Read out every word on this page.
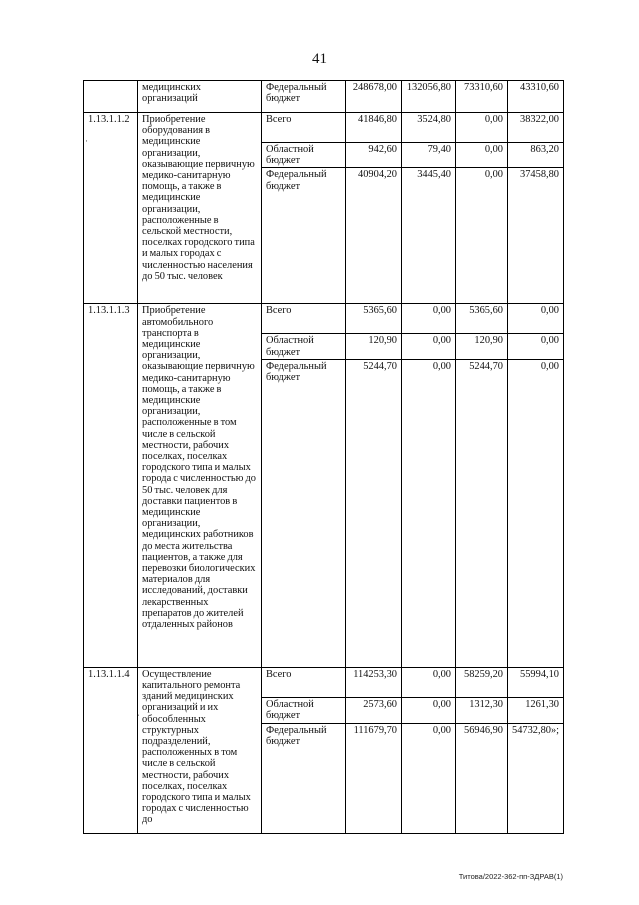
41
	медицинских организаций	Федеральный бюджет	248678,00	132056,80	73310,60	43310,60
1.13.1.1.2	Приобретение оборудования в медицинские организации, оказывающие первичную медико-санитарную помощь, а также в медицинские организации, расположенные в сельской местности, поселках городского типа и малых городах с численностью населения до 50 тыс. человек	Всего	41846,80	3524,80	0,00	38322,00
		Областной бюджет	942,60	79,40	0,00	863,20
		Федеральный бюджет	40904,20	3445,40	0,00	37458,80
1.13.1.1.3	Приобретение автомобильного транспорта в медицинские организации, оказывающие первичную медико-санитарную помощь, а также в медицинские организации, расположенные в том числе в сельской местности, рабочих поселках, поселках городского типа и малых города с численностью до 50 тыс. человек для доставки пациентов в медицинские организации, медицинских работников до места жительства пациентов, а также для перевозки биологических материалов для исследований, доставки лекарственных препаратов до жителей отдаленных районов	Всего	5365,60	0,00	5365,60	0,00
		Областной бюджет	120,90	0,00	120,90	0,00
		Федеральный бюджет	5244,70	0,00	5244,70	0,00
1.13.1.1.4	Осуществление капитального ремонта зданий медицинских организаций и их обособленных структурных подразделений, расположенных в том числе в сельской местности, рабочих поселках, поселках городского типа и малых городах с численностью до	Всего	114253,30	0,00	58259,20	55994,10
		Областной бюджет	2573,60	0,00	1312,30	1261,30
		Федеральный бюджет	111679,70	0,00	56946,90	54732,80»;
·
ˌ
Титова/2022-362-пп-ЗДРАВ(1)
